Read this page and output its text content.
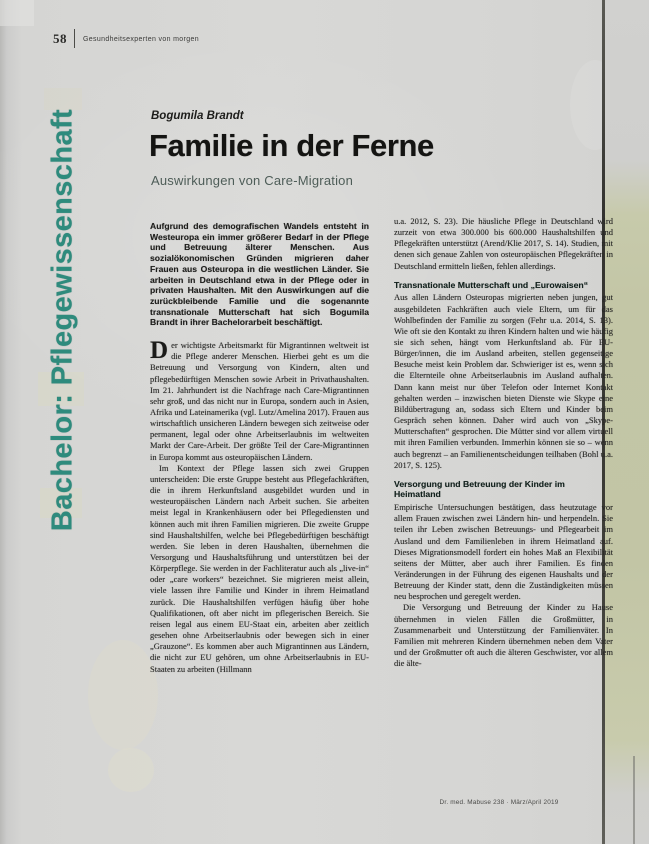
58 Gesundheitsexperten von morgen
Bachelor: Pflegewissenschaft	Bogumila Brandt
Familie in der Ferne
Auswirkungen von Care-Migration

Aufgrund des demografischen Wandels entsteht in Westeuropa ein immer größerer Bedarf in der Pflege und Betreuung älterer Menschen. Aus sozialökonomischen Gründen migrieren daher Frauen aus Osteuropa in die westlichen Länder. Sie arbeiten in Deutschland etwa in der Pflege oder in privaten Haushalten. Mit den Auswirkungen auf die zurückbleibende Familie und die sogenannte transnationale Mutterschaft hat sich Bogumila Brandt in ihrer Bachelorarbeit beschäftigt.

Der wichtigste Arbeitsmarkt für Migrantinnen weltweit ist die Pflege anderer Menschen. Hierbei geht es um die Betreuung und Versorgung von Kindern, alten und pflegebedürftigen Menschen sowie Arbeit in Privathaushalten. Im 21. Jahrhundert ist die Nachfrage nach Care-Migrantinnen sehr groß, und das nicht nur in Europa, sondern auch in Asien, Afrika und Lateinamerika (vgl. Lutz/Amelina 2017). Frauen aus wirtschaftlich unsicheren Ländern bewegen sich zeitweise oder permanent, legal oder ohne Arbeitserlaubnis im weltweiten Markt der Care-Arbeit. Der größte Teil der Care-Migrantinnen in Europa kommt aus osteuropäischen Ländern.

Im Kontext der Pflege lassen sich zwei Gruppen unterscheiden: Die erste Gruppe besteht aus Pflegefachkräften, die in ihrem Herkunftsland ausgebildet wurden und in westeuropäischen Ländern nach Arbeit suchen. Sie arbeiten meist legal in Krankenhäusern oder bei Pflegediensten und können auch mit ihren Familien migrieren. Die zweite Gruppe sind Haushaltshilfen, welche bei Pflegebedürftigen beschäftigt werden. Sie leben in deren Haushalten, übernehmen die Versorgung und Haushaltsführung und unterstützen bei der Körperpflege. Sie werden in der Fachliteratur auch als „live-in“ oder „care workers“ bezeichnet. Sie migrieren meist allein, viele lassen ihre Familie und Kinder in ihrem Heimatland zurück. Die Haushaltshilfen verfügen häufig über hohe Qualifikationen, oft aber nicht im pflegerischen Bereich. Sie reisen legal aus einem EU-Staat ein, arbeiten aber zeitlich gesehen ohne Arbeitserlaubnis oder bewegen sich in einer „Grauzone“. Es kommen aber auch Migrantinnen aus Ländern, die nicht zur EU gehören, um ohne Arbeitserlaubnis in EU-Staaten zu arbeiten (Hillmann

u.a. 2012, S. 23). Die häusliche Pflege in Deutschland wird zurzeit von etwa 300.000 bis 600.000 Haushaltshilfen und Pflegekräften unterstützt (Arend/Klie 2017, S. 14). Studien, mit denen sich genaue Zahlen von osteuropäischen Pflegekräften in Deutschland ermitteln ließen, fehlen allerdings.

Transnationale Mutterschaft und „Eurowaisen“

Aus allen Ländern Osteuropas migrierten neben jungen, gut ausgebildeten Fachkräften auch viele Eltern, um für das Wohlbefinden der Familie zu sorgen (Fehr u.a. 2014, S. 13). Wie oft sie den Kontakt zu ihren Kindern halten und wie häufig sie sich sehen, hängt vom Herkunftsland ab. Für EU-Bürger/innen, die im Ausland arbeiten, stellen gegenseitige Besuche meist kein Problem dar. Schwieriger ist es, wenn sich die Elternteile ohne Arbeitserlaubnis im Ausland aufhalten. Dann kann meist nur über Telefon oder Internet Kontakt gehalten werden – inzwischen bieten Dienste wie Skype eine Bildübertragung an, sodass sich Eltern und Kinder beim Gespräch sehen können. Daher wird auch von „Skype-Mutterschaften“ gesprochen. Die Mütter sind vor allem virtuell mit ihren Familien verbunden. Immerhin können sie so – wenn auch begrenzt – an Familienentscheidungen teilhaben (Bohl u.a. 2017, S. 125).

Versorgung und Betreuung der Kinder im Heimatland

Empirische Untersuchungen bestätigen, dass heutzutage vor allem Frauen zwischen zwei Ländern hin- und herpendeln. Sie teilen ihr Leben zwischen Betreuungs- und Pflegearbeit im Ausland und dem Familienleben in ihrem Heimatland auf. Dieses Migrationsmodell fordert ein hohes Maß an Flexibilität seitens der Mütter, aber auch ihrer Familien. Es finden Veränderungen in der Führung des eigenen Haushalts und der Betreuung der Kinder statt, denn die Zuständigkeiten müssen neu besprochen und geregelt werden.

Die Versorgung und Betreuung der Kinder zu Hause übernehmen in vielen Fällen die Großmütter, in Zusammenarbeit und Unterstützung der Familienväter. In Familien mit mehreren Kindern übernehmen neben dem Vater und der Großmutter oft auch die älteren Geschwister, vor allem die älte-

Dr. med. Mabuse 238 · März/April 2019
